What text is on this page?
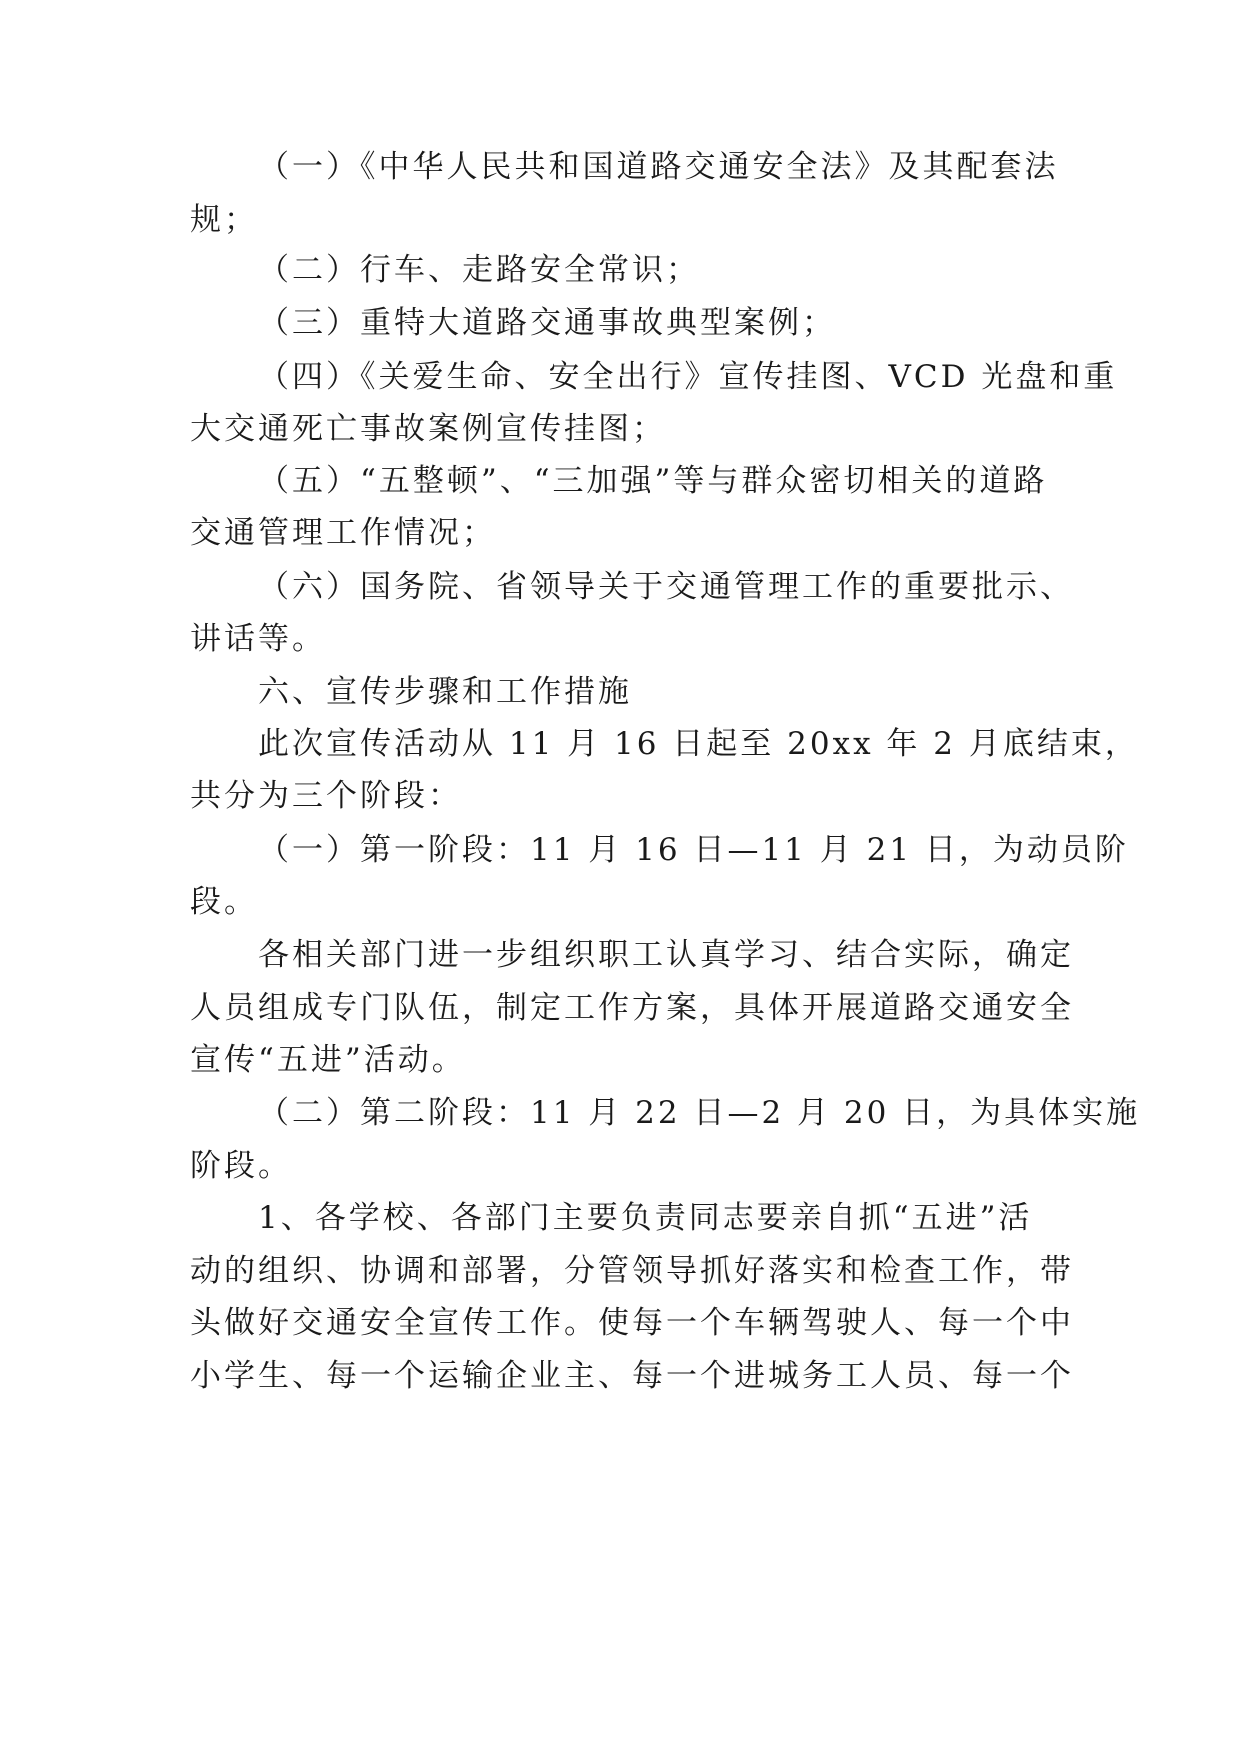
（一）《中华人民共和国道路交通安全法》及其配套法
规；
（二）行车、走路安全常识；
（三）重特大道路交通事故典型案例；
（四）《关爱生命、安全出行》宣传挂图、VCD 光盘和重
大交通死亡事故案例宣传挂图；
（五）“五整顿”、“三加强”等与群众密切相关的道路
交通管理工作情况；
（六）国务院、省领导关于交通管理工作的重要批示、
讲话等。
六、宣传步骤和工作措施
此次宣传活动从 11 月 16 日起至 20xx 年 2 月底结束，
共分为三个阶段：
（一）第一阶段：11 月 16 日—11 月 21 日，为动员阶
段。
各相关部门进一步组织职工认真学习、结合实际，确定
人员组成专门队伍，制定工作方案，具体开展道路交通安全
宣传“五进”活动。
（二）第二阶段：11 月 22 日—2 月 20 日，为具体实施
阶段。
1、各学校、各部门主要负责同志要亲自抓“五进”活
动的组织、协调和部署，分管领导抓好落实和检查工作，带
头做好交通安全宣传工作。使每一个车辆驾驶人、每一个中
小学生、每一个运输企业主、每一个进城务工人员、每一个
